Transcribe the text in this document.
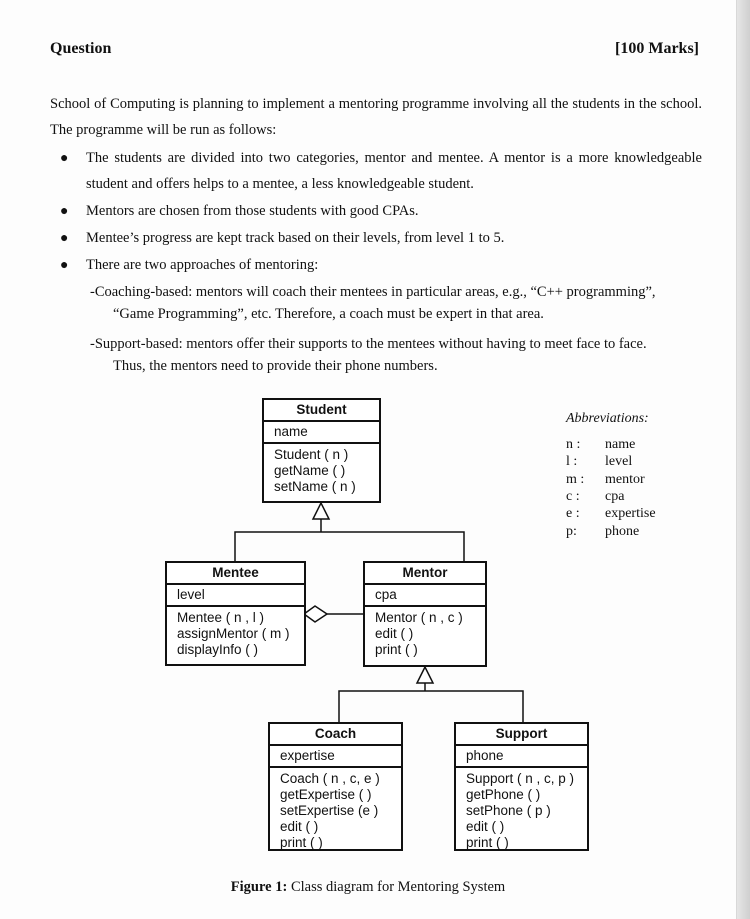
Question	[100 Marks]
School of Computing is planning to implement a mentoring programme involving all the students in the school. The programme will be run as follows:
● The students are divided into two categories, mentor and mentee. A mentor is a more knowledgeable student and offers helps to a mentee, a less knowledgeable student.
● Mentors are chosen from those students with good CPAs.
● Mentee’s progress are kept track based on their levels, from level 1 to 5.
● There are two approaches of mentoring:
-Coaching-based: mentors will coach their mentees in particular areas, e.g., “C++ programming”,
“Game Programming”, etc. Therefore, a coach must be expert in that area.
-Support-based: mentors offer their supports to the mentees without having to meet face to face.
Thus, the mentors need to provide their phone numbers.
Student
name
Student ( n )
getName ( )
setName ( n )
Mentee
level
Mentee ( n , l )
assignMentor ( m )
displayInfo ( )
Mentor
cpa
Mentor ( n , c )
edit ( )
print ( )
Coach
expertise
Coach ( n , c, e )
getExpertise ( )
setExpertise (e )
edit ( )
print ( )
Support
phone
Support ( n , c, p )
getPhone ( )
setPhone ( p )
edit ( )
print ( )
Abbreviations:
n :	name
l :	level
m :	mentor
c :	cpa
e :	expertise
p:	phone
Figure 1: Class diagram for Mentoring System
